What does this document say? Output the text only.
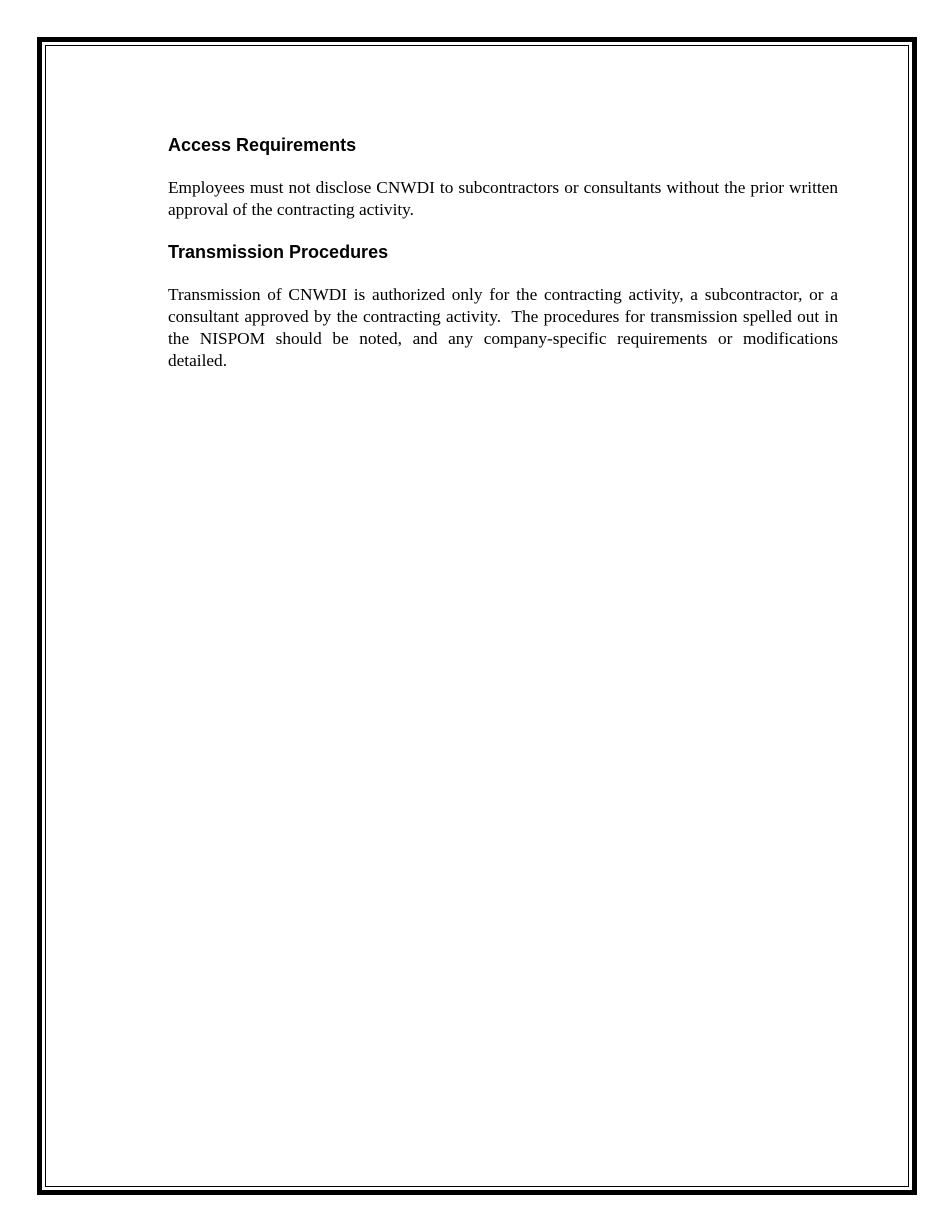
Access Requirements

Employees must not disclose CNWDI to subcontractors or consultants without the prior written approval of the contracting activity.

Transmission Procedures

Transmission of CNWDI is authorized only for the contracting activity, a subcontractor, or a consultant approved by the contracting activity.  The procedures for transmission spelled out in the NISPOM should be noted, and any company-specific requirements or modifications detailed.
